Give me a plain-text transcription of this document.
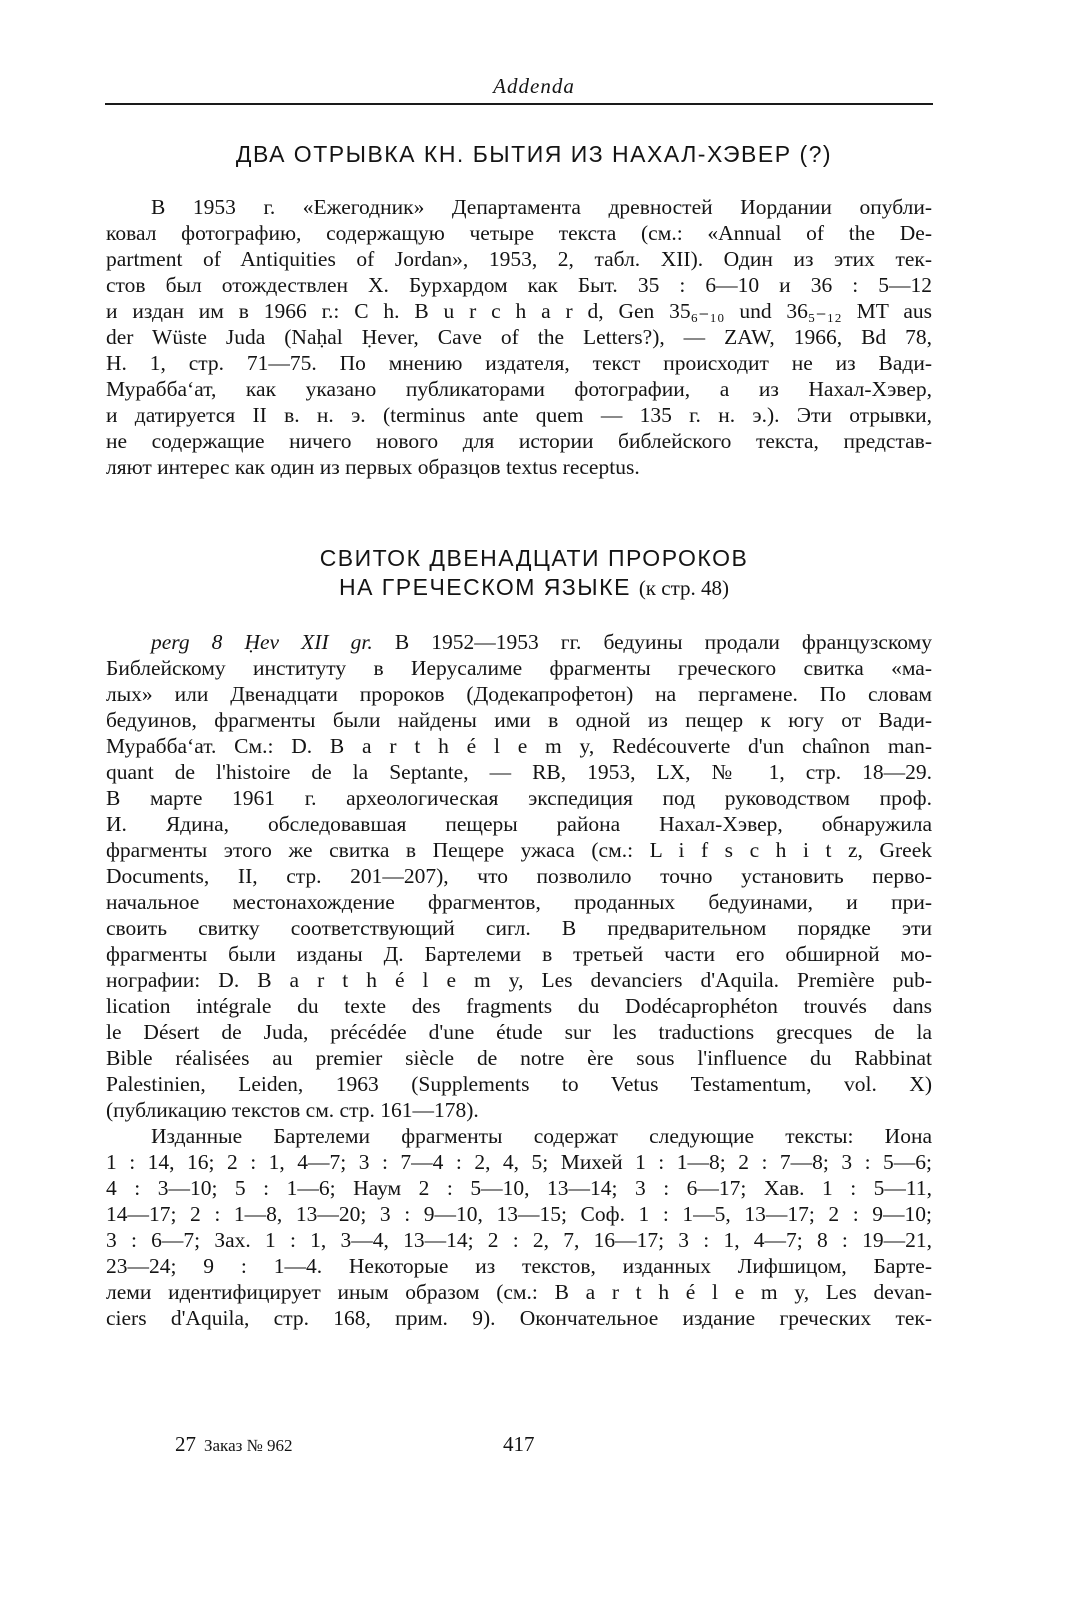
Addenda
ДВА ОТРЫВКА КН. БЫТИЯ ИЗ НАХАЛ-ХЭВЕР (?)
В 1953 г. «Ежегодник» Департамента древностей Иордании опубли-
ковал фотографию, содержащую четыре текста (см.: «Annual of the De-
partment of Antiquities of Jordan», 1953, 2, табл. XII). Один из этих тек-
стов был отождествлен Х. Бурхардом как Быт. 35 : 6—10 и 36 : 5—12
и издан им в 1966 г.: C h. B u r c h a r d, Gen 35₆₋₁₀ und 36₅₋₁₂ MT aus
der Wüste Juda (Naḥal Ḥever, Cave of the Letters?), — ZAW, 1966, Bd 78,
H. 1, стр. 71—75. По мнению издателя, текст происходит не из Вади-
Мураббаʻат, как указано публикаторами фотографии, а из Нахал-Хэвер,
и датируется II в. н. э. (terminus ante quem — 135 г. н. э.). Эти отрывки,
не содержащие ничего нового для истории библейского текста, представ-
ляют интерес как один из первых образцов textus receptus.
СВИТОК ДВЕНАДЦАТИ ПРОРОКОВ
НА ГРЕЧЕСКОМ ЯЗЫКЕ (к стр. 48)
perg 8 Ḥev XII gr. В 1952—1953 гг. бедуины продали французскому
Библейскому институту в Иерусалиме фрагменты греческого свитка «ма-
лых» или Двенадцати пророков (Додекапрофетон) на пергамене. По словам
бедуинов, фрагменты были найдены ими в одной из пещер к югу от Вади-
Мураббаʻат. См.: D. B a r t h é l e m y, Redécouverte d'un chaînon man-
quant de l'histoire de la Septante, — RB, 1953, LX, № 1, стр. 18—29.
В марте 1961 г. археологическая экспедиция под руководством проф.
И. Ядина, обследовавшая пещеры района Нахал-Хэвер, обнаружила
фрагменты этого же свитка в Пещере ужаса (см.: L i f s c h i t z, Greek
Documents, II, стр. 201—207), что позволило точно установить перво-
начальное местонахождение фрагментов, проданных бедуинами, и при-
своить свитку соответствующий сигл. В предварительном порядке эти
фрагменты были изданы Д. Бартелеми в третьей части его обширной мо-
нографии: D. B a r t h é l e m y, Les devanciers d'Aquila. Première pub-
lication intégrale du texte des fragments du Dodécaprophéton trouvés dans
le Désert de Juda, précédée d'une étude sur les traductions grecques de la
Bible réalisées au premier siècle de notre ère sous l'influence du Rabbinat
Palestinien, Leiden, 1963 (Supplements to Vetus Testamentum, vol. X)
(публикацию текстов см. стр. 161—178).
Изданные Бартелеми фрагменты содержат следующие тексты: Иона
1 : 14, 16; 2 : 1, 4—7; 3 : 7—4 : 2, 4, 5; Михей 1 : 1—8; 2 : 7—8; 3 : 5—6;
4 : 3—10; 5 : 1—6; Наум 2 : 5—10, 13—14; 3 : 6—17; Хав. 1 : 5—11,
14—17; 2 : 1—8, 13—20; 3 : 9—10, 13—15; Соф. 1 : 1—5, 13—17; 2 : 9—10;
3 : 6—7; Зах. 1 : 1, 3—4, 13—14; 2 : 2, 7, 16—17; 3 : 1, 4—7; 8 : 19—21,
23—24; 9 : 1—4. Некоторые из текстов, изданных Лифшицом, Барте-
леми идентифицирует иным образом (см.: B a r t h é l e m y, Les devan-
ciers d'Aquila, стр. 168, прим. 9). Окончательное издание греческих тек-
27 Заказ № 962	417
